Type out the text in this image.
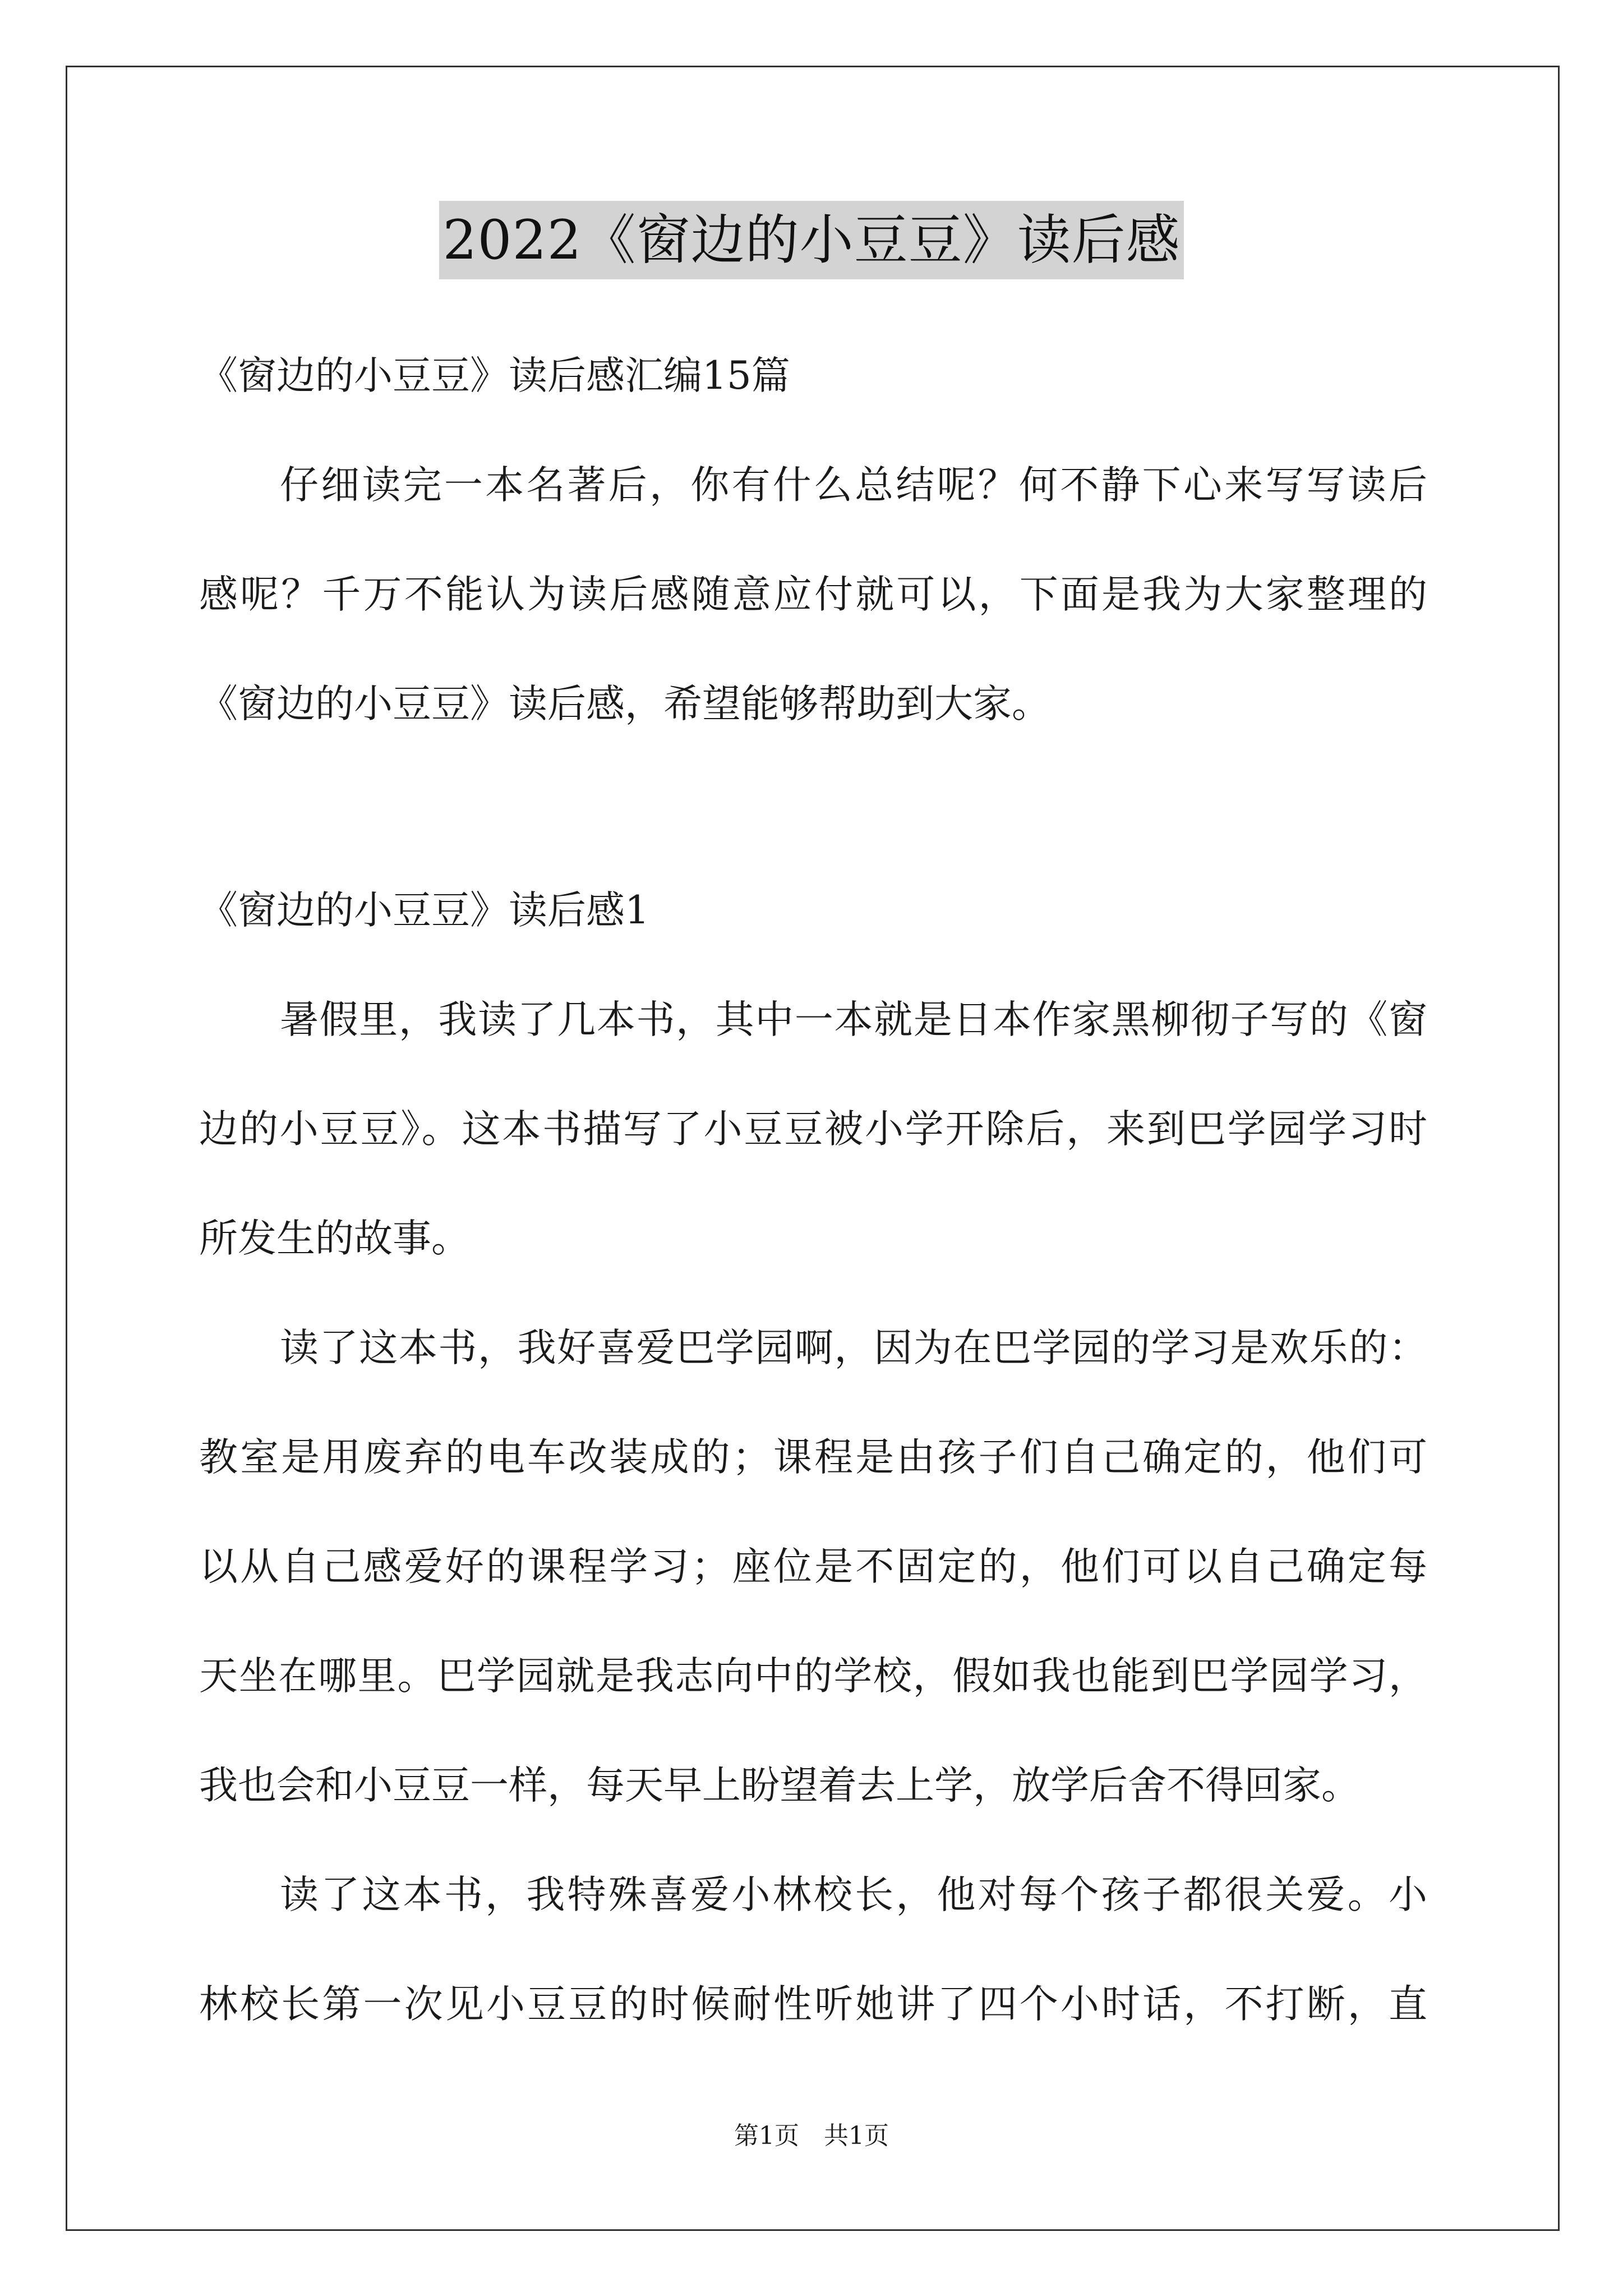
2022《窗边的小豆豆》读后感
《窗边的小豆豆》读后感汇编15篇
仔细读完一本名著后，你有什么总结呢？何不静下心来写写读后
感呢？千万不能认为读后感随意应付就可以，下面是我为大家整理的
《窗边的小豆豆》读后感，希望能够帮助到大家。
《窗边的小豆豆》读后感1
暑假里，我读了几本书，其中一本就是日本作家黑柳彻子写的《窗
边的小豆豆》。这本书描写了小豆豆被小学开除后，来到巴学园学习时
所发生的故事。
读了这本书，我好喜爱巴学园啊，因为在巴学园的学习是欢乐的：
教室是用废弃的电车改装成的；课程是由孩子们自己确定的，他们可
以从自己感爱好的课程学习；座位是不固定的，他们可以自己确定每
天坐在哪里。巴学园就是我志向中的学校，假如我也能到巴学园学习，
我也会和小豆豆一样，每天早上盼望着去上学，放学后舍不得回家。
读了这本书，我特殊喜爱小林校长，他对每个孩子都很关爱。小
林校长第一次见小豆豆的时候耐性听她讲了四个小时话，不打断，直
第1页　共1页
